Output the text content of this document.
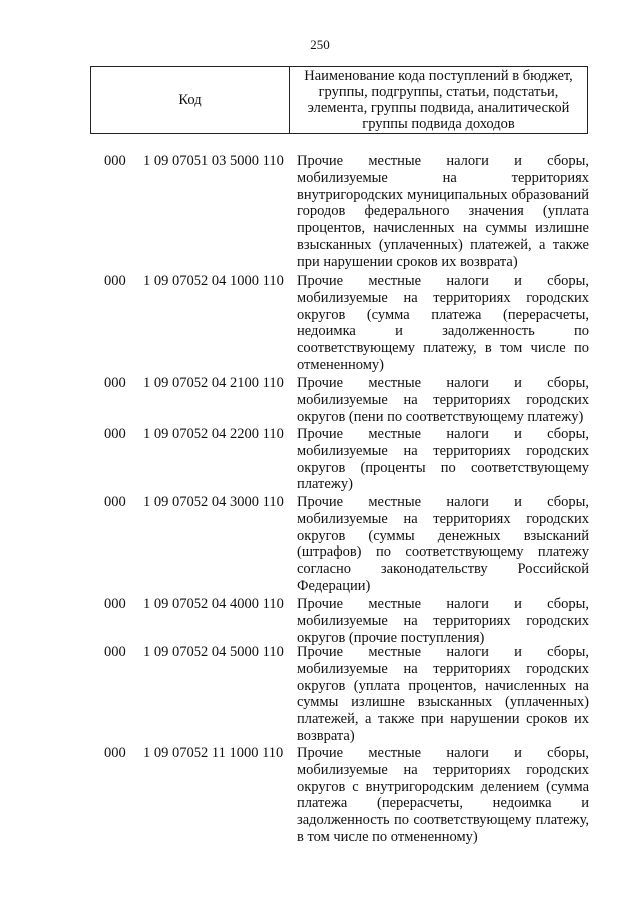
250
Код
Наименование кода поступлений в бюджет, группы, подгруппы, статьи, подстатьи, элемента, группы подвида, аналитической группы подвида доходов
000 1 09 07051 03 5000 110 Прочие местные налоги и сборы, мобилизуемые на территориях внутригородских муниципальных образований городов федерального значения (уплата процентов, начисленных на суммы излишне взысканных (уплаченных) платежей, а также при нарушении сроков их возврата)
000 1 09 07052 04 1000 110 Прочие местные налоги и сборы, мобилизуемые на территориях городских округов (сумма платежа (перерасчеты, недоимка и задолженность по соответствующему платежу, в том числе по отмененному)
000 1 09 07052 04 2100 110 Прочие местные налоги и сборы, мобилизуемые на территориях городских округов (пени по соответствующему платежу)
000 1 09 07052 04 2200 110 Прочие местные налоги и сборы, мобилизуемые на территориях городских округов (проценты по соответствующему платежу)
000 1 09 07052 04 3000 110 Прочие местные налоги и сборы, мобилизуемые на территориях городских округов (суммы денежных взысканий (штрафов) по соответствующему платежу согласно законодательству Российской Федерации)
000 1 09 07052 04 4000 110 Прочие местные налоги и сборы, мобилизуемые на территориях городских округов (прочие поступления)
000 1 09 07052 04 5000 110 Прочие местные налоги и сборы, мобилизуемые на территориях городских округов (уплата процентов, начисленных на суммы излишне взысканных (уплаченных) платежей, а также при нарушении сроков их возврата)
000 1 09 07052 11 1000 110 Прочие местные налоги и сборы, мобилизуемые на территориях городских округов с внутригородским делением (сумма платежа (перерасчеты, недоимка и задолженность по соответствующему платежу, в том числе по отмененному)
